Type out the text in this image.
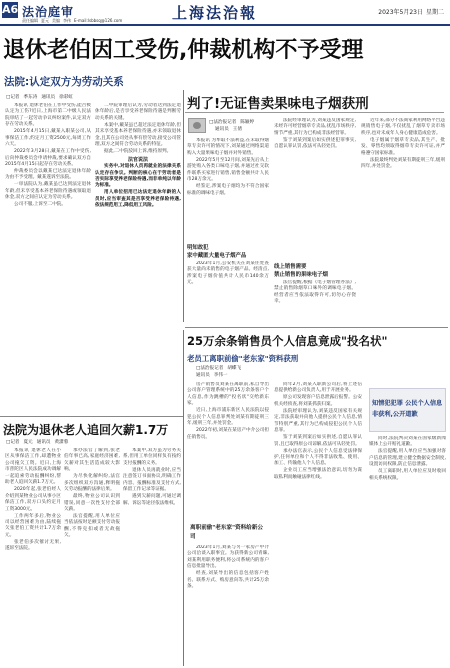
A6 法治庭审
责任编辑 夏元 美编 李伟 E-mail:lsbbsq@126.com	上海法治報	2023年5月23日 星期二
退休老伯因工受伤,仲裁机构不予受理
法院:认定双方为劳动关系
□记者 季东涛 通讯员 徐彩虹

本报讯 退休老伯在工作中受伤,能否被认定为工伤?近日,上海市第二中级人民法院审结了一起劳动争议纠纷案件,认定双方存在劳动关系。

2015年4月15日,戴某入职某公司,从事保洁工作,约定月工资2500元,每周工作六天。

2022年3月28日,戴某在工作中受伤,后向仲裁委员会申请仲裁,要求确认双方自2015年4月15日起存在劳动关系。

仲裁委员会以戴某已达法定退休年龄为由不予受理。戴某遂诉至法院。

一审法院认为,戴某虽已达到法定退休年龄,但未享受基本养老保险待遇或领取退休金,双方之间应认定为劳动关系。

公司不服,上诉至二中院。

二中院审理后认为,劳动者达到法定退休年龄后,是否享受养老保险待遇是判断劳动关系的关键。

本案中,戴某虽已超过法定退休年龄,但其未享受基本养老保险待遇,亦未领取退休金,且其在公司处从事有偿劳动,接受公司管理,双方之间符合劳动关系的特征。

据此,二中院驳回上诉,维持原判。

法官说法

实务中,对退休人员再就业的法律关系认定存在争议。判断的核心在于劳动者是否实际享受养老保险待遇,而非单纯以年龄为标准。

用人单位招用已达法定退休年龄的人员时,应当审查其是否享受养老保险待遇,依法规范用工,降低用工风险。

判了!无证售卖果味电子烟获刑
□法治报记者 陈颖婷
通讯员 王倩

本报讯 为牟取不法利益,在未取得烟草专卖许可的情况下,刘某通过网络渠道购入大量果味电子烟并对外销售。

2022年5月至12月间,刘某先后从上游处购入各类口味电子烟,并通过社交软件联系买家进行销售,销售金额共计人民币28万余元。

经鉴定,涉案电子烟均为不符合国家标准的调味电子烟。

明知故犯
家中藏匿大量电子烟产品

2023年1月,公安机关在刘某住处查获大量尚未销售的电子烟产品。经清点,涉案电子烟价值共计人民币140余万元。

法院经审理认为,刘某违反国家规定,未经许可经营烟草专卖品,扰乱市场秩序,情节严重,其行为已构成非法经营罪。

鉴于刘某到案后如实供述犯罪事实,自愿认罪认罚,依法可从轻处罚。

线上销售需要
禁止销售的果味电子烟

法官提醒,根据《电子烟管理办法》,禁止销售除烟草口味外的调味电子烟。经营者应当依法取得许可,切勿心存侥幸。

近年来,部分不法商家利用网络平台违规销售电子烟,不仅扰乱了烟草专卖市场秩序,也对未成年人身心健康造成危害。

电子烟属于烟草专卖品,其生产、批发、零售均须取得烟草专卖许可证,并严格遵守国家标准。

法院最终判处刘某有期徒刑三年,缓刑四年,并处罚金。

法院为退休老人追回欠薪1.7万
□记者 夏元 通讯员 黄潇蓉

本报讯 退休老人在小区从事保洁工作,却遭物业公司拖欠工资。近日,上海市普陀区人民法院成功调解一起追索劳动报酬纠纷,帮助老人追回欠薪1.7万元。

2020年起,张老伯经人介绍到某物业公司从事小区保洁工作,双方口头约定月工资3000元。

工作两年多后,物业公司以经营困难为由,陆续拖欠张老伯工资共计1.7万余元。

张老伯多次催讨无果,遂诉至法院。

承办法官了解到,张老伯年事已高,家庭经济困难,欠薪对其生活造成较大影响。

为尽快化解纠纷,法官多次组织双方沟通,释明拖欠劳动报酬的法律后果。

最终,物业公司认识到错误,同意一次性支付全部欠薪。

法官提醒,用人单位应当依法按时足额支付劳动报酬,不得克扣或者无故拖欠。

本案中,双方虽为劳务关系,但用工单位同样负有按约支付报酬的义务。

退休人员再就业时,应当注意签订书面协议,明确工作内容、报酬标准及支付方式,保留工作记录等证据。

遇到欠薪问题,可通过调解、诉讼等途径依法维权。

25万余条销售员个人信息竟成"投名状"
老员工离职前偷"老东家"资料获刑
□法治报记者 胡蝶飞
通讯员 李伟一

房产销售员刘某在离职前,私自导出公司客户管理系统中的25万余条客户个人信息,作为跳槽的"投名状"交给新东家。

近日,上海市浦东新区人民法院以侵犯公民个人信息罪判处刘某有期徒刑三年,缓刑三年,并处罚金。

2022年初,刘某在某房产中介公司担任销售员。

离职前偷"老东家"资料给新公司

2023年1月,刘某与另一家房产中介公司洽谈入职事宜。为获得新公司青睐,刘某利用职务便利,将公司系统内的客户信息批量导出。

经查,刘某导出的信息包括客户姓名、联系方式、购房意向等,共计25万余条。

同年2月,刘某入职新公司后,将上述信息提供给新公司负责人,用于开展业务。

原公司发现客户信息泄露后报警。公安机关经侦查,将刘某抓获归案。

法院经审理认为,刘某违反国家有关规定,非法获取并向他人提供公民个人信息,情节特别严重,其行为已构成侵犯公民个人信息罪。

鉴于刘某到案后如实供述,自愿认罪认罚,且已取得原公司谅解,依法可从轻处罚。

承办法官表示,公民个人信息受法律保护,任何单位和个人不得非法收集、使用、加工、传输他人个人信息。

企业员工应当增强法治意识,切勿为谋取私利而触碰法律红线。

知情犯犯罪 公民个人信息非获利,公开道歉

同时,法院判决刘某在国家级新闻媒体上公开赔礼道歉。

法官提醒,用人单位应当加强对客户信息的管理,建立健全数据安全制度,设置访问权限,防止信息泄露。

员工离职时,用人单位应及时收回相关系统权限。
